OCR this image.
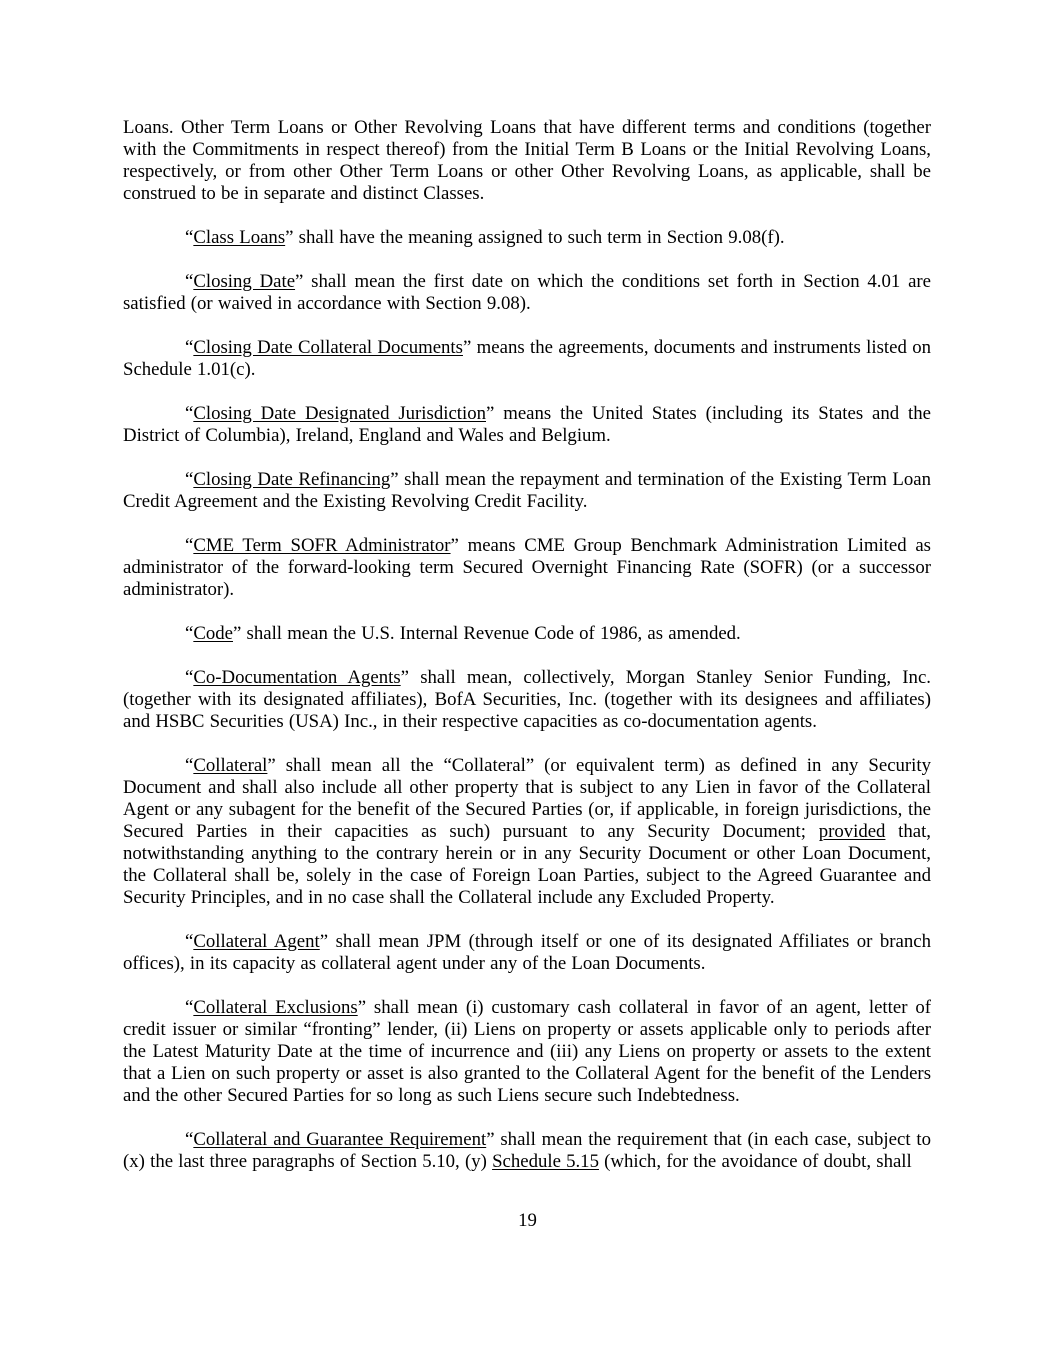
Loans. Other Term Loans or Other Revolving Loans that have different terms and conditions (together with the Commitments in respect thereof) from the Initial Term B Loans or the Initial Revolving Loans, respectively, or from other Other Term Loans or other Other Revolving Loans, as applicable, shall be construed to be in separate and distinct Classes.

“Class Loans” shall have the meaning assigned to such term in Section 9.08(f).

“Closing Date” shall mean the first date on which the conditions set forth in Section 4.01 are satisfied (or waived in accordance with Section 9.08).

“Closing Date Collateral Documents” means the agreements, documents and instruments listed on Schedule 1.01(c).

“Closing Date Designated Jurisdiction” means the United States (including its States and the District of Columbia), Ireland, England and Wales and Belgium.

“Closing Date Refinancing” shall mean the repayment and termination of the Existing Term Loan Credit Agreement and the Existing Revolving Credit Facility.

“CME Term SOFR Administrator” means CME Group Benchmark Administration Limited as administrator of the forward-looking term Secured Overnight Financing Rate (SOFR) (or a successor administrator).

“Code” shall mean the U.S. Internal Revenue Code of 1986, as amended.

“Co-Documentation Agents” shall mean, collectively, Morgan Stanley Senior Funding, Inc. (together with its designated affiliates), BofA Securities, Inc. (together with its designees and affiliates) and HSBC Securities (USA) Inc., in their respective capacities as co-documentation agents.

“Collateral” shall mean all the “Collateral” (or equivalent term) as defined in any Security Document and shall also include all other property that is subject to any Lien in favor of the Collateral Agent or any subagent for the benefit of the Secured Parties (or, if applicable, in foreign jurisdictions, the Secured Parties in their capacities as such) pursuant to any Security Document; provided that, notwithstanding anything to the contrary herein or in any Security Document or other Loan Document, the Collateral shall be, solely in the case of Foreign Loan Parties, subject to the Agreed Guarantee and Security Principles, and in no case shall the Collateral include any Excluded Property.

“Collateral Agent” shall mean JPM (through itself or one of its designated Affiliates or branch offices), in its capacity as collateral agent under any of the Loan Documents.

“Collateral Exclusions” shall mean (i) customary cash collateral in favor of an agent, letter of credit issuer or similar “fronting” lender, (ii) Liens on property or assets applicable only to periods after the Latest Maturity Date at the time of incurrence and (iii) any Liens on property or assets to the extent that a Lien on such property or asset is also granted to the Collateral Agent for the benefit of the Lenders and the other Secured Parties for so long as such Liens secure such Indebtedness.

“Collateral and Guarantee Requirement” shall mean the requirement that (in each case, subject to (x) the last three paragraphs of Section 5.10, (y) Schedule 5.15 (which, for the avoidance of doubt, shall

19
